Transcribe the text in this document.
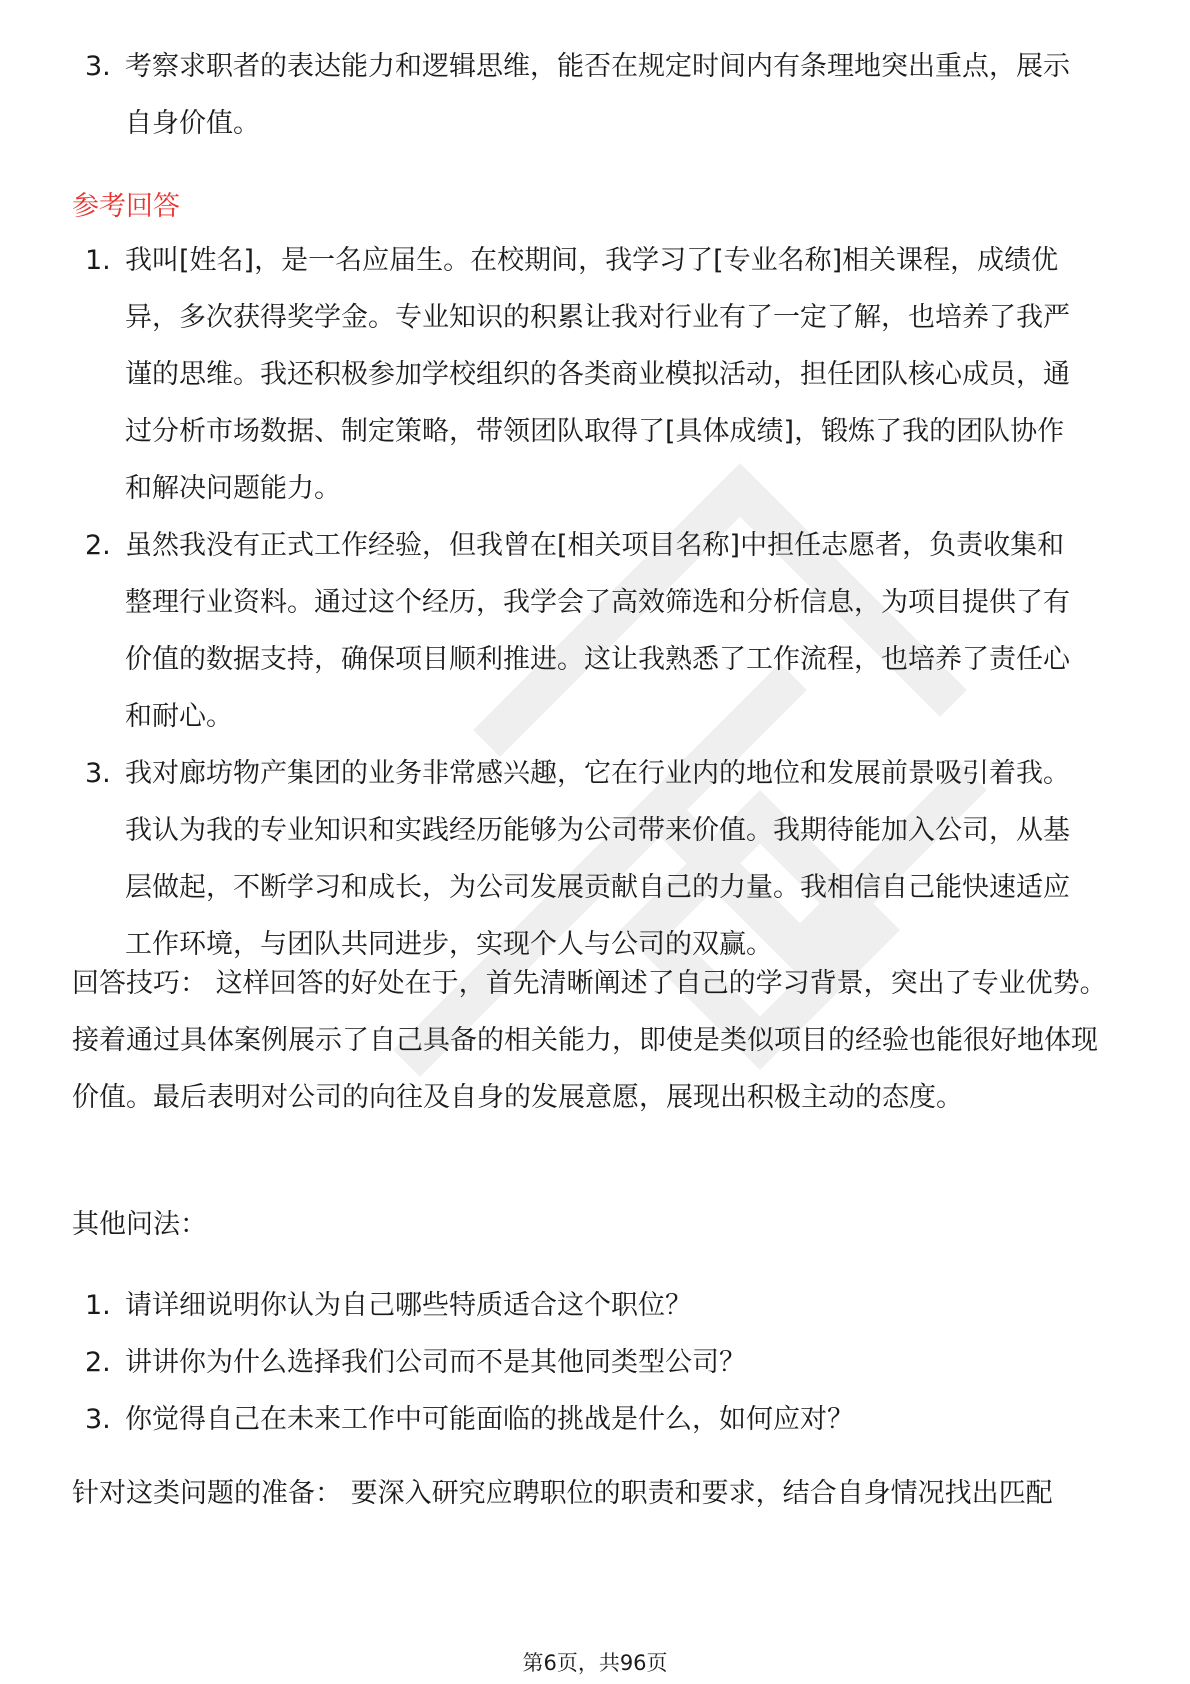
3. 考察求职者的表达能力和逻辑思维，能否在规定时间内有条理地突出重点，展示自身价值。
参考回答
1. 我叫[姓名]，是一名应届生。在校期间，我学习了[专业名称]相关课程，成绩优异，多次获得奖学金。专业知识的积累让我对行业有了一定了解，也培养了我严谨的思维。我还积极参加学校组织的各类商业模拟活动，担任团队核心成员，通过分析市场数据、制定策略，带领团队取得了[具体成绩]，锻炼了我的团队协作和解决问题能力。
2. 虽然我没有正式工作经验，但我曾在[相关项目名称]中担任志愿者，负责收集和整理行业资料。通过这个经历，我学会了高效筛选和分析信息，为项目提供了有价值的数据支持，确保项目顺利推进。这让我熟悉了工作流程，也培养了责任心和耐心。
3. 我对廊坊物产集团的业务非常感兴趣，它在行业内的地位和发展前景吸引着我。我认为我的专业知识和实践经历能够为公司带来价值。我期待能加入公司，从基层做起，不断学习和成长，为公司发展贡献自己的力量。我相信自己能快速适应工作环境，与团队共同进步，实现个人与公司的双赢。

回答技巧： 这样回答的好处在于，首先清晰阐述了自己的学习背景，突出了专业优势。接着通过具体案例展示了自己具备的相关能力，即使是类似项目的经验也能很好地体现价值。最后表明对公司的向往及自身的发展意愿，展现出积极主动的态度。

其他问法：

1. 请详细说明你认为自己哪些特质适合这个职位？
2. 讲讲你为什么选择我们公司而不是其他同类型公司？
3. 你觉得自己在未来工作中可能面临的挑战是什么，如何应对？

针对这类问题的准备： 要深入研究应聘职位的职责和要求，结合自身情况找出匹配

第6页，共96页
